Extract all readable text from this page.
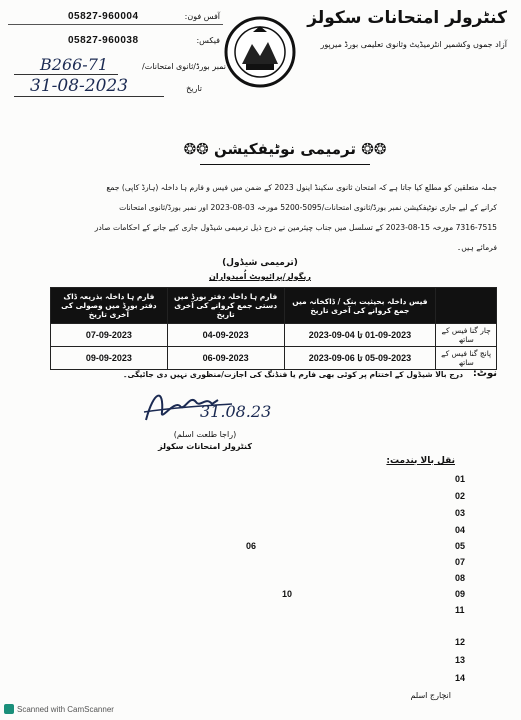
کنٹرولر امتحانات سکولز
آزاد جموں وکشمیر انٹرمیڈیٹ وثانوی تعلیمی بورڈ میرپور
آفس فون:
05827-960004
فیکس:
05827-960038
نمبر بورڈ/ثانوی امتحانات/
B266-71
تاریخ
31-08-2023
❂❂ ترمیمی نوٹیفکیشن ❂❂
جملہ متعلقین کو مطلع کیا جاتا ہے کہ امتحان ثانوی سکینڈ اینول 2023 کے ضمن میں فیس و فارم ہا داخلہ (ہارڈ کاپی) جمع
کرانے کے لیے جاری نوٹیفکیشن نمبر بورڈ/ثانوی امتحانات/5095-5200 مورخہ 03-08-2023 اور نمبر بورڈ/ثانوی امتحانات
7316-7515 مورخہ 15-08-2023 کے تسلسل میں جناب چیئرمین نے درج ذیل ترمیمی شیڈول جاری کیے جانے کے احکامات صادر
فرمائے ہیں۔
(ترمیمی شیڈول)
ریگولر/پرائیویٹ اُمیدواران
	فیس داخلہ بحیثیت بنک / ڈاکخانہ میں جمع کروانے کی آخری تاریخ	فارم ہا داخلہ دفتر بورڈ میں دستی جمع کروانے کی آخری تاریخ	فارم ہا داخلہ بذریعہ ڈاک دفتر بورڈ میں وصولی کی آخری تاریخ
چار گنا فیس کے ساتھ	01-09-2023 تا 04-09-2023	04-09-2023	07-09-2023
پانچ گنا فیس کے ساتھ	05-09-2023 تا 06-09-2023	06-09-2023	09-09-2023
نوٹ:
درج بالا شیڈول کے اختتام پر کوئی بھی فارم یا فنڈنگ کی اجازت/منظوری نہیں دی جائیگی۔
31.08.23
(راجا طلعت اسلم)
کنٹرولر امتحانات سکولز
نقل بالا بندمت:
01
02
03
04
05
06
07
08
09
10
11
12
13
14
انچارج اسلم
Scanned with CamScanner
